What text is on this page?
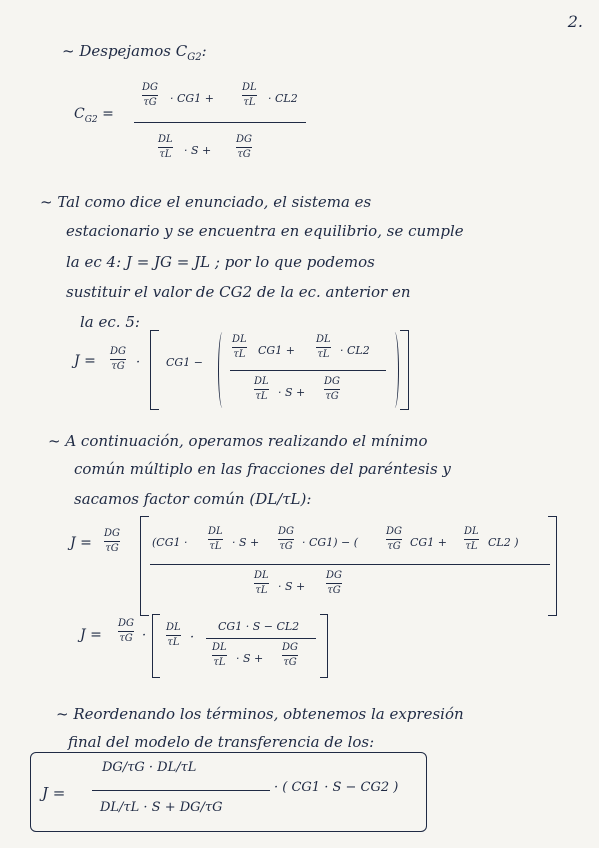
2.
~ Despejamos $C_{G2}$:
$C_{G2}$ =
DG
τG · CG1 +
DL
τL · CL2
DL
τL · S +
DG
τG
~ Tal como dice el enunciado, el sistema es
estacionario y se encuentra en equilibrio, se cumple
la ec 4: J = JG = JL ; por lo que podemos
sustituir el valor de CG2 de la ec. anterior en
la ec. 5:
J =
DG
τG · CG1 −
DL
τL CG1 +
DL
τL · CL2
DL
τL · S +
DG
τG
~ A continuación, operamos realizando el mínimo
común múltiplo en las fracciones del paréntesis y
sacamos factor común (DL/τL):
J =
DG
τG	(CG1 ·
DL
τL · S +
DG
τG · CG1) − (
DG
τG CG1 +
DL
τL CL2 )
DL
τL · S +
DG
τG
J =
DG
τG ·
DL
τL ·
CG1 · S − CL2
DL
τL · S +
DG
τG
~ Reordenando los términos, obtenemos la expresión
final del modelo de transferencia de los:
J =
DG/τG · DL/τL
DL/τL · S + DG/τG
· ( CG1 · S − CG2 )
